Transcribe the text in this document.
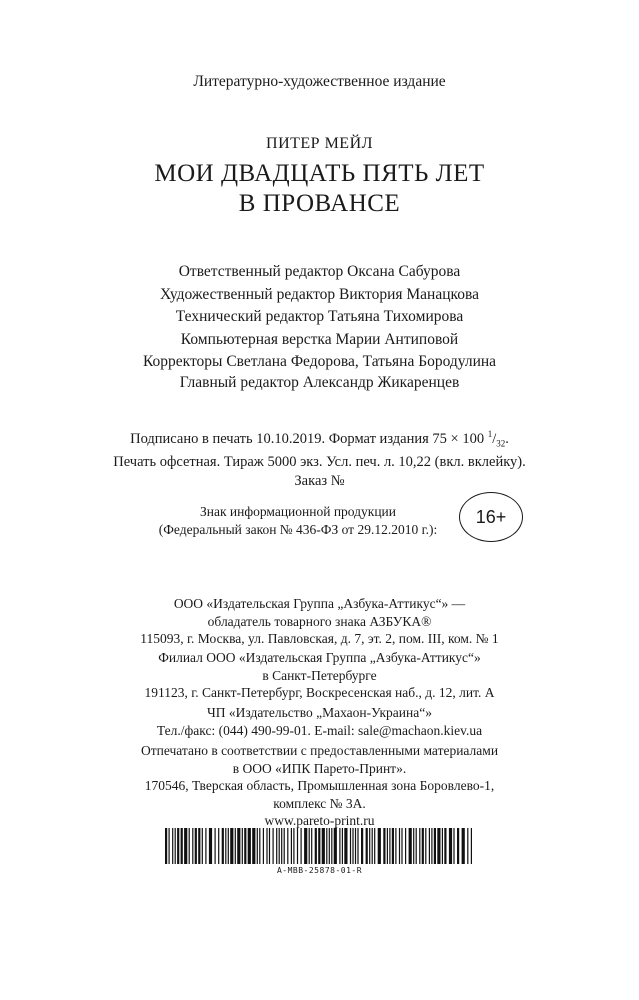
Литературно-художественное издание
ПИТЕР МЕЙЛ
МОИ ДВАДЦАТЬ ПЯТЬ ЛЕТ
В ПРОВАНСЕ
Ответственный редактор Оксана Сабурова
Художественный редактор Виктория Манацкова
Технический редактор Татьяна Тихомирова
Компьютерная верстка Марии Антиповой
Корректоры Светлана Федорова, Татьяна Бородулина
Главный редактор Александр Жикаренцев
Подписано в печать 10.10.2019. Формат издания 75 × 100 $^1/_{32}$.
Печать офсетная. Тираж 5000 экз. Усл. печ. л. 10,22 (вкл. вклейку).
Заказ №
Знак информационной продукции
(Федеральный закон № 436-ФЗ от 29.12.2010 г.):
16+
ООО «Издательская Группа „Азбука-Аттикус“» —
обладатель товарного знака АЗБУКА®
115093, г. Москва, ул. Павловская, д. 7, эт. 2, пом. III, ком. № 1
Филиал ООО «Издательская Группа „Азбука-Аттикус“»
в Санкт-Петербурге
191123, г. Санкт-Петербург, Воскресенская наб., д. 12, лит. А
ЧП «Издательство „Махаон-Украина“»
Тел./факс: (044) 490-99-01. E-mail: sale@machaon.kiev.ua
Отпечатано в соответствии с предоставленными материалами
в ООО «ИПК Парето-Принт».
170546, Тверская область, Промышленная зона Боровлево-1,
комплекс № 3А.
www.pareto-print.ru
A-MBB-25878-01-R
